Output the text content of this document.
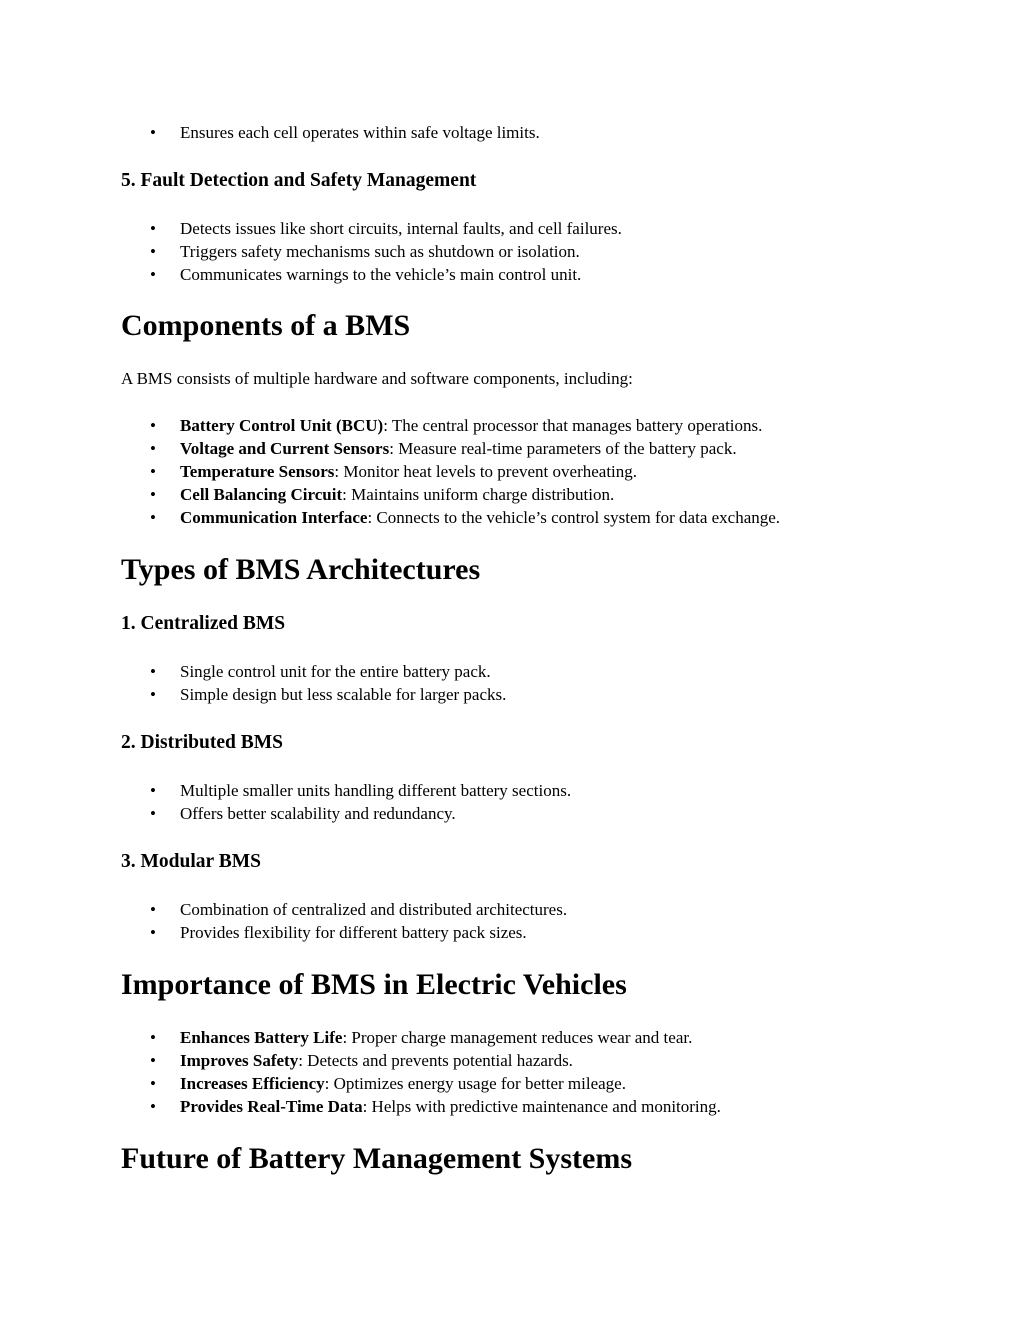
• Ensures each cell operates within safe voltage limits.
5. Fault Detection and Safety Management
• Detects issues like short circuits, internal faults, and cell failures.
• Triggers safety mechanisms such as shutdown or isolation.
• Communicates warnings to the vehicle’s main control unit.
Components of a BMS
A BMS consists of multiple hardware and software components, including:
• Battery Control Unit (BCU): The central processor that manages battery operations.
• Voltage and Current Sensors: Measure real-time parameters of the battery pack.
• Temperature Sensors: Monitor heat levels to prevent overheating.
• Cell Balancing Circuit: Maintains uniform charge distribution.
• Communication Interface: Connects to the vehicle’s control system for data exchange.
Types of BMS Architectures
1. Centralized BMS
• Single control unit for the entire battery pack.
• Simple design but less scalable for larger packs.
2. Distributed BMS
• Multiple smaller units handling different battery sections.
• Offers better scalability and redundancy.
3. Modular BMS
• Combination of centralized and distributed architectures.
• Provides flexibility for different battery pack sizes.
Importance of BMS in Electric Vehicles
• Enhances Battery Life: Proper charge management reduces wear and tear.
• Improves Safety: Detects and prevents potential hazards.
• Increases Efficiency: Optimizes energy usage for better mileage.
• Provides Real-Time Data: Helps with predictive maintenance and monitoring.
Future of Battery Management Systems
